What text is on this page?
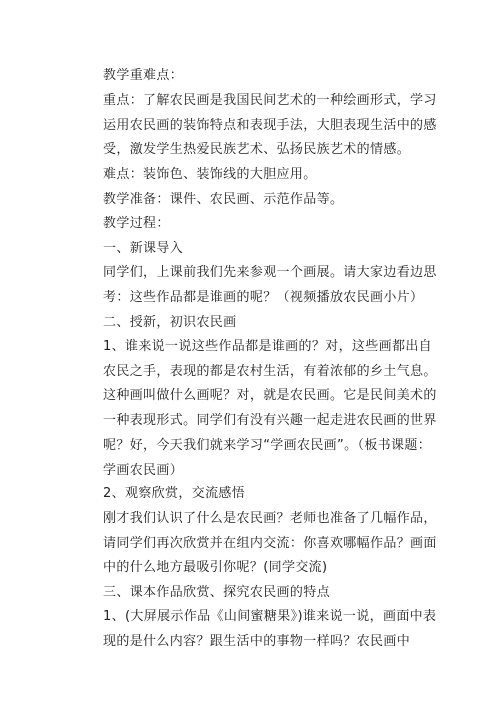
教学重难点：

重点：了解农民画是我国民间艺术的一种绘画形式，学习运用农民画的装饰特点和表现手法，大胆表现生活中的感受，激发学生热爱民族艺术、弘扬民族艺术的情感。

难点：装饰色、装饰线的大胆应用。

教学准备：课件、农民画、示范作品等。

教学过程：

一、新课导入

同学们，上课前我们先来参观一个画展。请大家边看边思考：这些作品都是谁画的呢？（视频播放农民画小片）

二、授新，初识农民画

1、谁来说一说这些作品都是谁画的？对，这些画都出自农民之手，表现的都是农村生活，有着浓郁的乡土气息。这种画叫做什么画呢？对，就是农民画。它是民间美术的一种表现形式。同学们有没有兴趣一起走进农民画的世界呢？好，今天我们就来学习“学画农民画”。（板书课题：学画农民画）

2、观察欣赏，交流感悟

刚才我们认识了什么是农民画？老师也准备了几幅作品，请同学们再次欣赏并在组内交流：你喜欢哪幅作品？画面中的什么地方最吸引你呢？(同学交流)

三、课本作品欣赏、探究农民画的特点

1、(大屏展示作品《山间蜜糖果》)谁来说一说，画面中表现的是什么内容？跟生活中的事物一样吗？农民画中
